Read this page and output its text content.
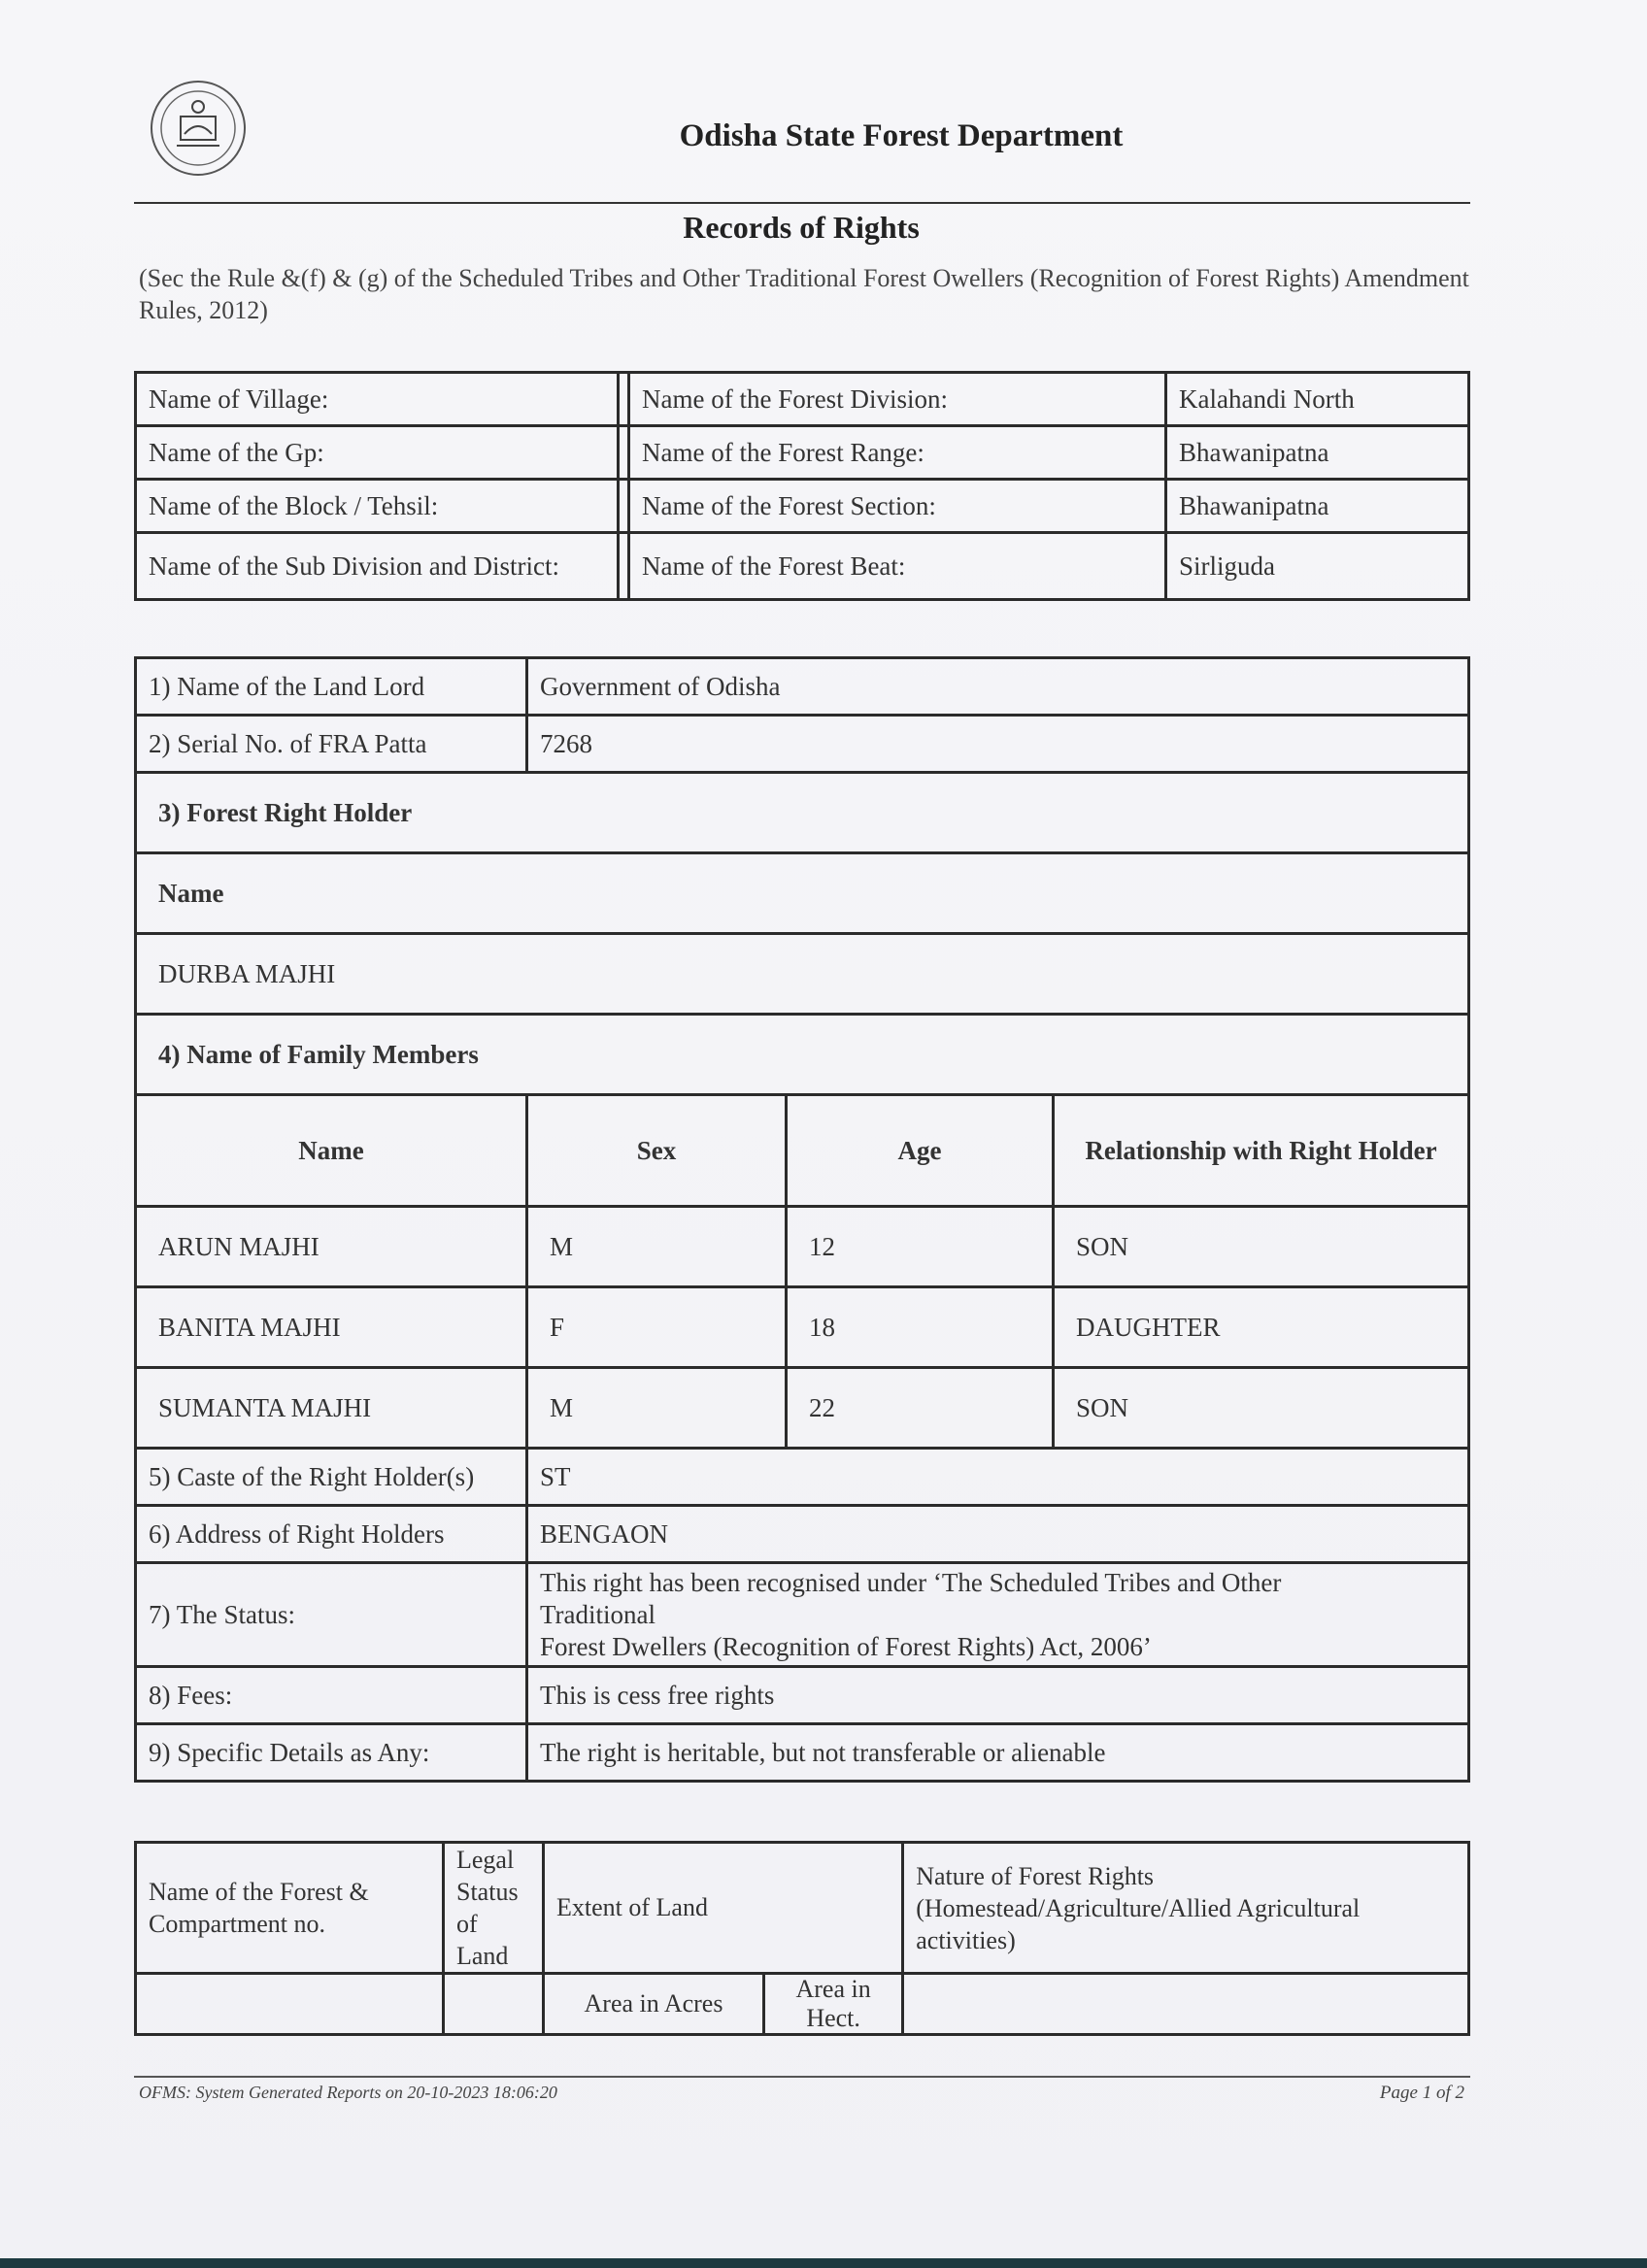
Odisha State Forest Department
Records of Rights
(Sec the Rule &(f) & (g) of the Scheduled Tribes and Other Traditional Forest Owellers (Recognition of Forest Rights) Amendment Rules, 2012)
Name of Village:		Name of the Forest Division:	Kalahandi North
Name of the Gp:		Name of the Forest Range:	Bhawanipatna
Name of the Block / Tehsil:		Name of the Forest Section:	Bhawanipatna
Name of the Sub Division and District:		Name of the Forest Beat:	Sirliguda
1) Name of the Land Lord	Government of Odisha		
2) Serial No. of FRA Patta	7268		
3) Forest Right Holder			
Name			
DURBA MAJHI			
4) Name of Family Members			
Name	Sex	Age	Relationship with Right Holder
ARUN MAJHI	M	12	SON
BANITA MAJHI	F	18	DAUGHTER
SUMANTA MAJHI	M	22	SON
5) Caste of the Right Holder(s)	ST		
6) Address of Right Holders	BENGAON		
7) The Status:	This right has been recognised under ‘The Scheduled Tribes and Other Traditional
Forest Dwellers (Recognition of Forest Rights) Act, 2006’		

8) Fees:	This is cess free rights		
9) Specific Details as Any:	The right is heritable, but not transferable or alienable		
Name of the Forest & Compartment no.	Legal Status of Land	Extent of Land		Nature of Forest Rights (Homestead/Agriculture/Allied Agricultural activities)
		Area in Acres	Area in Hect.	
OFMS: System Generated Reports on 20-10-2023 18:06:20	Page 1 of 2
